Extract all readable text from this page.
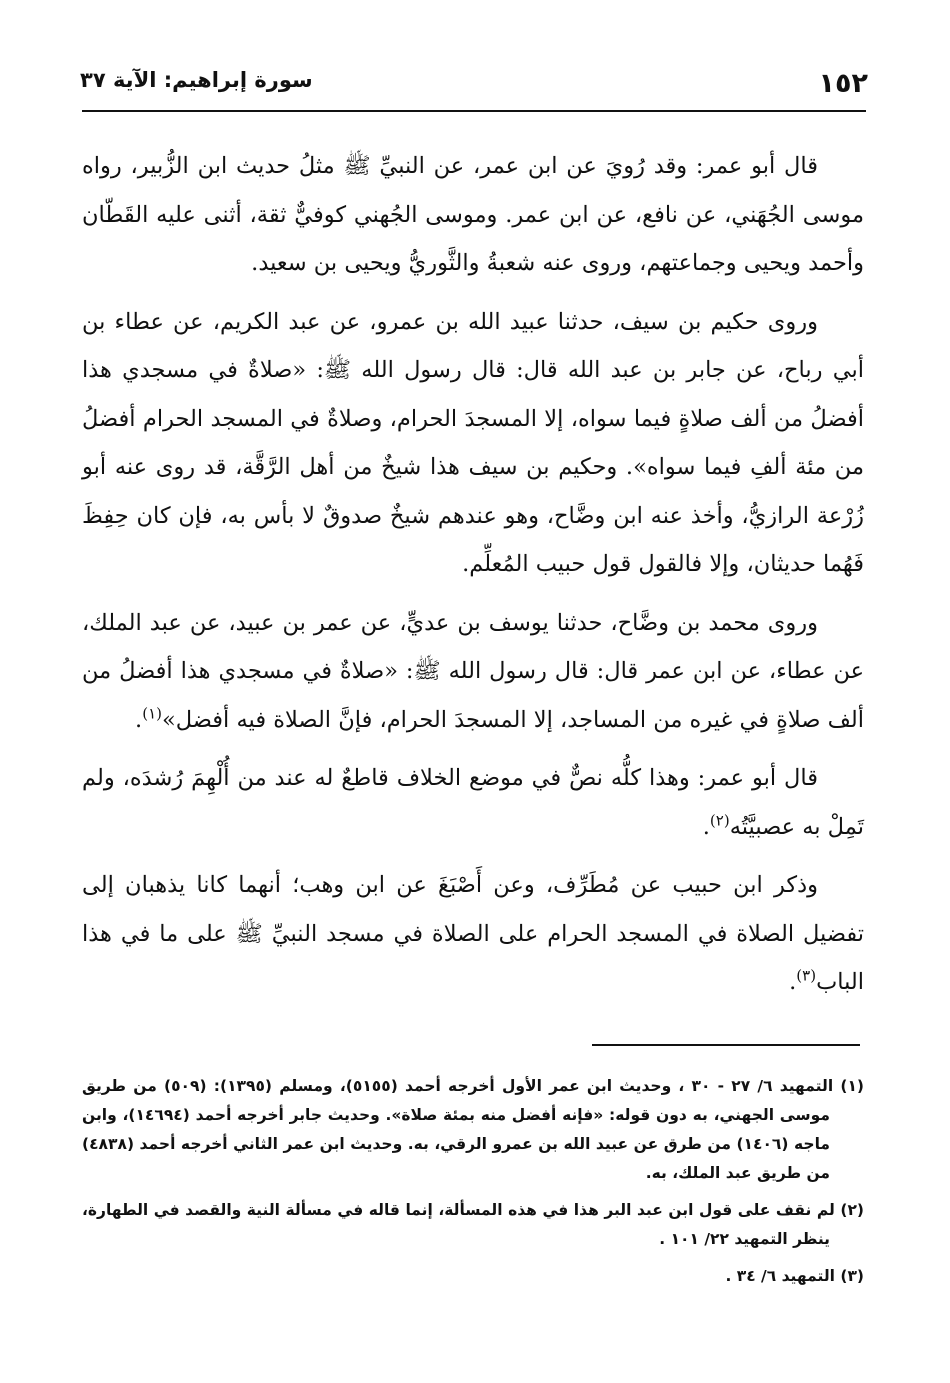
١٥٢
سورة إبراهيم: الآية ٣٧

قال أبو عمر: وقد رُويَ عن ابن عمر، عن النبيِّ ﷺ مثلُ حديث ابن الزُّبير، رواه موسى الجُهَني، عن نافع، عن ابن عمر. وموسى الجُهني كوفيٌّ ثقة، أثنى عليه القَطّان وأحمد ويحيى وجماعتهم، وروى عنه شعبةُ والثَّوريُّ ويحيى بن سعيد.

وروى حكيم بن سيف، حدثنا عبيد الله بن عمرو، عن عبد الكريم، عن عطاء بن أبي رباح، عن جابر بن عبد الله قال: قال رسول الله ﷺ: «صلاةٌ في مسجدي هذا أفضلُ من ألف صلاةٍ فيما سواه، إلا المسجدَ الحرام، وصلاةٌ في المسجد الحرام أفضلُ من مئة ألفِ فيما سواه». وحكيم بن سيف هذا شيخٌ من أهل الرَّقَّة، قد روى عنه أبو زُرْعة الرازيُّ، وأخذ عنه ابن وضَّاح، وهو عندهم شيخٌ صدوقٌ لا بأس به، فإن كان حِفِظَ فَهُما حديثان، وإلا فالقول قول حبيب المُعلِّم.

وروى محمد بن وضَّاح، حدثنا يوسف بن عديٍّ، عن عمر بن عبيد، عن عبد الملك، عن عطاء، عن ابن عمر قال: قال رسول الله ﷺ: «صلاةٌ في مسجدي هذا أفضلُ من ألف صلاةٍ في غيره من المساجد، إلا المسجدَ الحرام، فإنَّ الصلاة فيه أفضل»$^{(١)}$.

قال أبو عمر: وهذا كلُّه نصٌّ في موضع الخلاف قاطعٌ له عند من أُلْهِمَ رُشدَه، ولم تَمِلْ به عصبيَّتُه$^{(٢)}$.

وذكر ابن حبيب عن مُطَرِّف، وعن أَصْبَغَ عن ابن وهب؛ أنهما كانا يذهبان إلى تفضيل الصلاة في المسجد الحرام على الصلاة في مسجد النبيِّ ﷺ على ما في هذا الباب$^{(٣)}$.

(١) التمهيد ٦/ ٢٧ - ٣٠ ، وحديث ابن عمر الأول أخرجه أحمد (٥١٥٥)، ومسلم (١٣٩٥): (٥٠٩) من طريق موسى الجهني، به دون قوله: «فإنه أفضل منه بمئة صلاة». وحديث جابر أخرجه أحمد (١٤٦٩٤)، وابن ماجه (١٤٠٦) من طرق عن عبيد الله بن عمرو الرقي، به. وحديث ابن عمر الثاني أخرجه أحمد (٤٨٣٨) من طريق عبد الملك، به.
(٢) لم نقف على قول ابن عبد البر هذا في هذه المسألة، إنما قاله في مسألة النية والقصد في الطهارة، ينظر التمهيد ٢٢/ ١٠١ .
(٣) التمهيد ٦/ ٣٤ .
